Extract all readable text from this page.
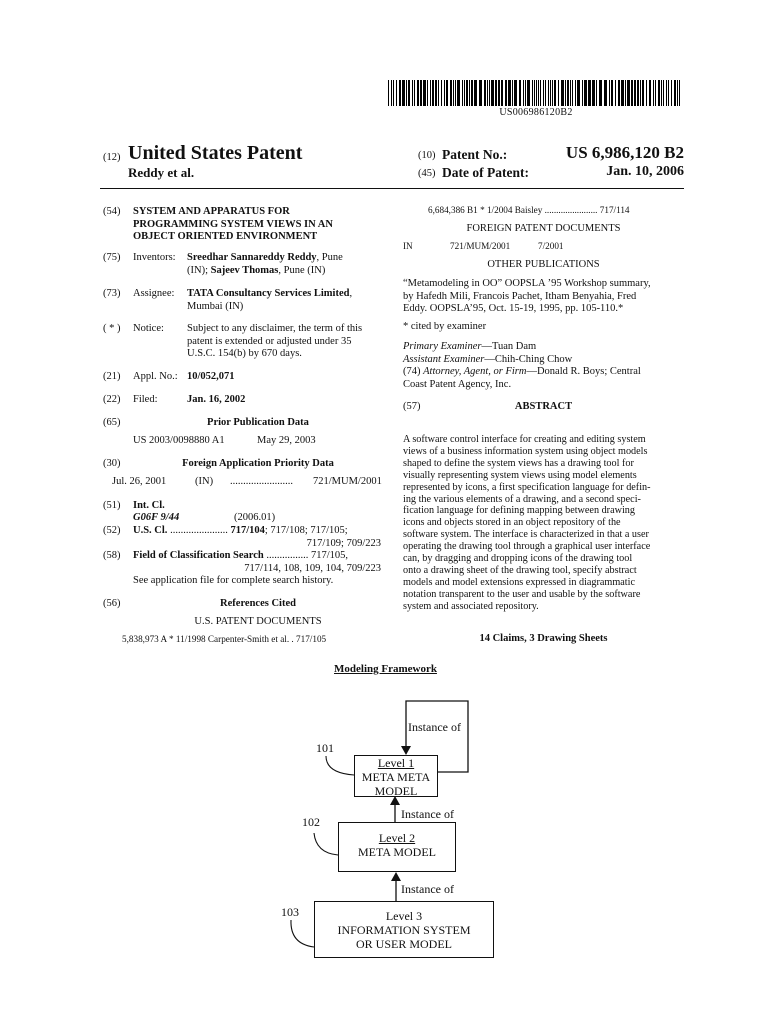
US006986120B2
(12) United States Patent
Reddy et al.
(10) Patent No.:	US 6,986,120 B2
(45) Date of Patent:	Jan. 10, 2006
(54) SYSTEM AND APPARATUS FOR
PROGRAMMING SYSTEM VIEWS IN AN
OBJECT ORIENTED ENVIRONMENT
(75) Inventors: Sreedhar Sannareddy Reddy, Pune
(IN); Sajeev Thomas, Pune (IN)
(73) Assignee: TATA Consultancy Services Limited,
Mumbai (IN)
( * ) Notice: Subject to any disclaimer, the term of this
patent is extended or adjusted under 35
U.S.C. 154(b) by 670 days.
(21) Appl. No.: 10/052,071
(22) Filed:	Jan. 16, 2002
(65)	Prior Publication Data
US 2003/0098880 A1	May 29, 2003
(30)	Foreign Application Priority Data
Jul. 26, 2001	(IN) ........................ 721/MUM/2001
(51) Int. Cl.
G06F 9/44	(2006.01)
(52) U.S. Cl. ...................... 717/104; 717/108; 717/105;
717/109; 709/223
(58) Field of Classification Search ................ 717/105,
717/114, 108, 109, 104, 709/223
See application file for complete search history.
(56)	References Cited
U.S. PATENT DOCUMENTS
5,838,973 A * 11/1998 Carpenter-Smith et al. . 717/105
6,684,386 B1 * 1/2004 Baisley ....................... 717/114
FOREIGN PATENT DOCUMENTS
IN	721/MUM/2001	7/2001
OTHER PUBLICATIONS
“Metamodeling in OO” OOPSLA ’95 Workshop summary,
by Hafedh Mili, Francois Pachet, Itham Benyahia, Fred
Eddy. OOPSLA’95, Oct. 15-19, 1995, pp. 105-110.*
* cited by examiner
Primary Examiner—Tuan Dam
Assistant Examiner—Chih-Ching Chow
(74) Attorney, Agent, or Firm—Donald R. Boys; Central
Coast Patent Agency, Inc.
(57)	ABSTRACT
A software control interface for creating and editing system
views of a business information system using object models
shaped to define the system views has a drawing tool for
visually representing system views using model elements
represented by icons, a first specification language for defin-
ing the various elements of a drawing, and a second speci-
fication language for defining mapping between drawing
icons and objects stored in an object repository of the
software system. The interface is characterized in that a user
operating the drawing tool through a graphical user interface
can, by dragging and dropping icons of the drawing tool
onto a drawing sheet of the drawing tool, specify abstract
models and model extensions expressed in diagrammatic
notation transparent to the user and usable by the software
system and associated repository.
14 Claims, 3 Drawing Sheets
Modeling Framework
Level 1
META META
MODEL
Level 2
META MODEL
Level 3
INFORMATION SYSTEM
OR USER MODEL
Instance of
Instance of
Instance of
101
102
103
